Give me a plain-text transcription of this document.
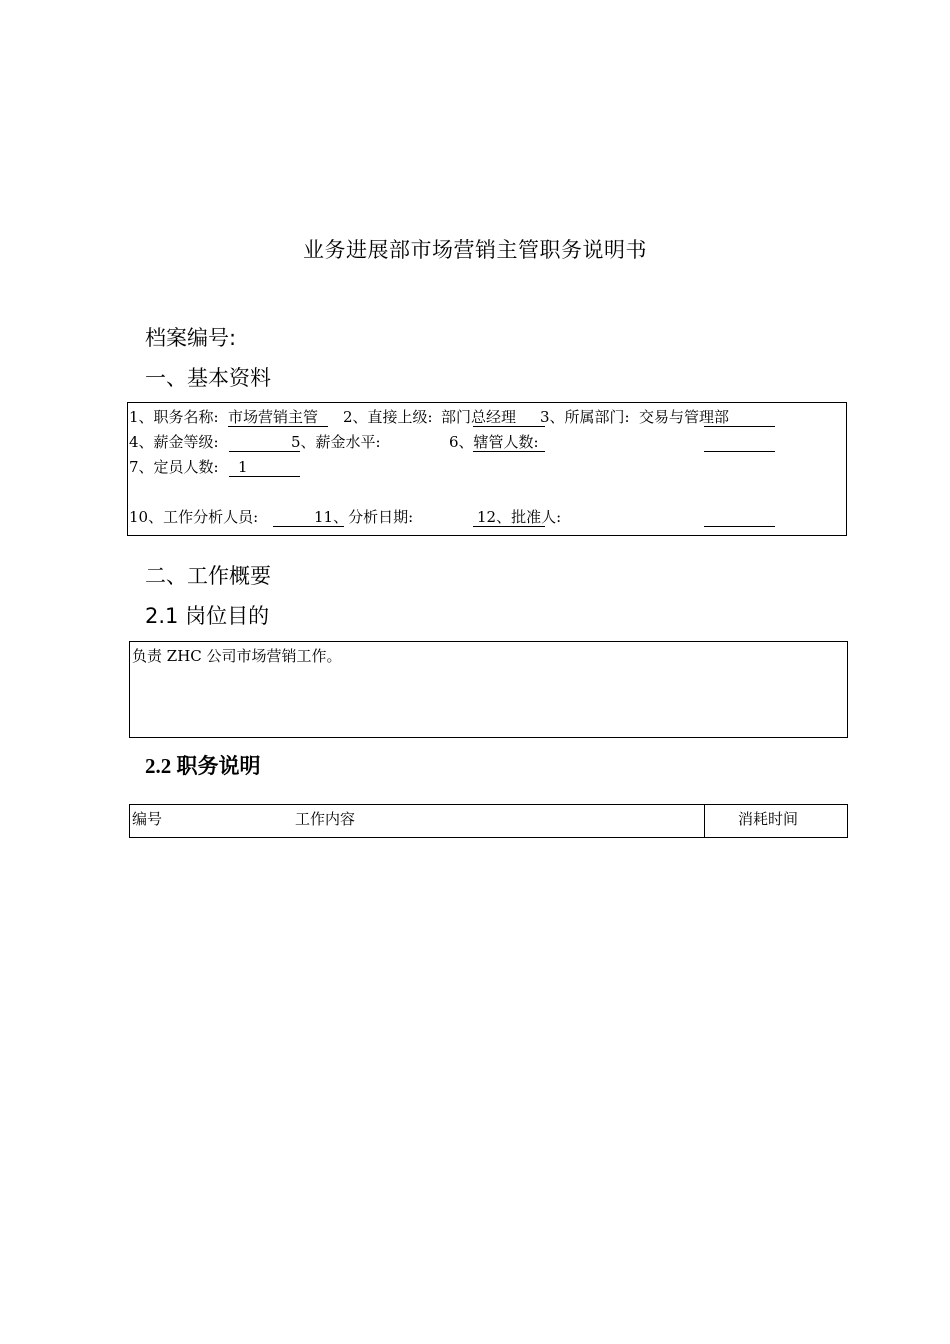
业务进展部市场营销主管职务说明书
档案编号:
一、基本资料
1、职务名称: 市场营销主管 2、直接上级: 部门总经理 3、所属部门: 交易与管理部
4、薪金等级:	5、薪金水平:	6、辖管人数:
7、定员人数: 1
10、工作分析人员:	11、分析日期:	12、批准人:
二、工作概要
2.1 岗位目的
负责 ZHC 公司市场营销工作。
2.2 职务说明
编号	工作内容	消耗时间
